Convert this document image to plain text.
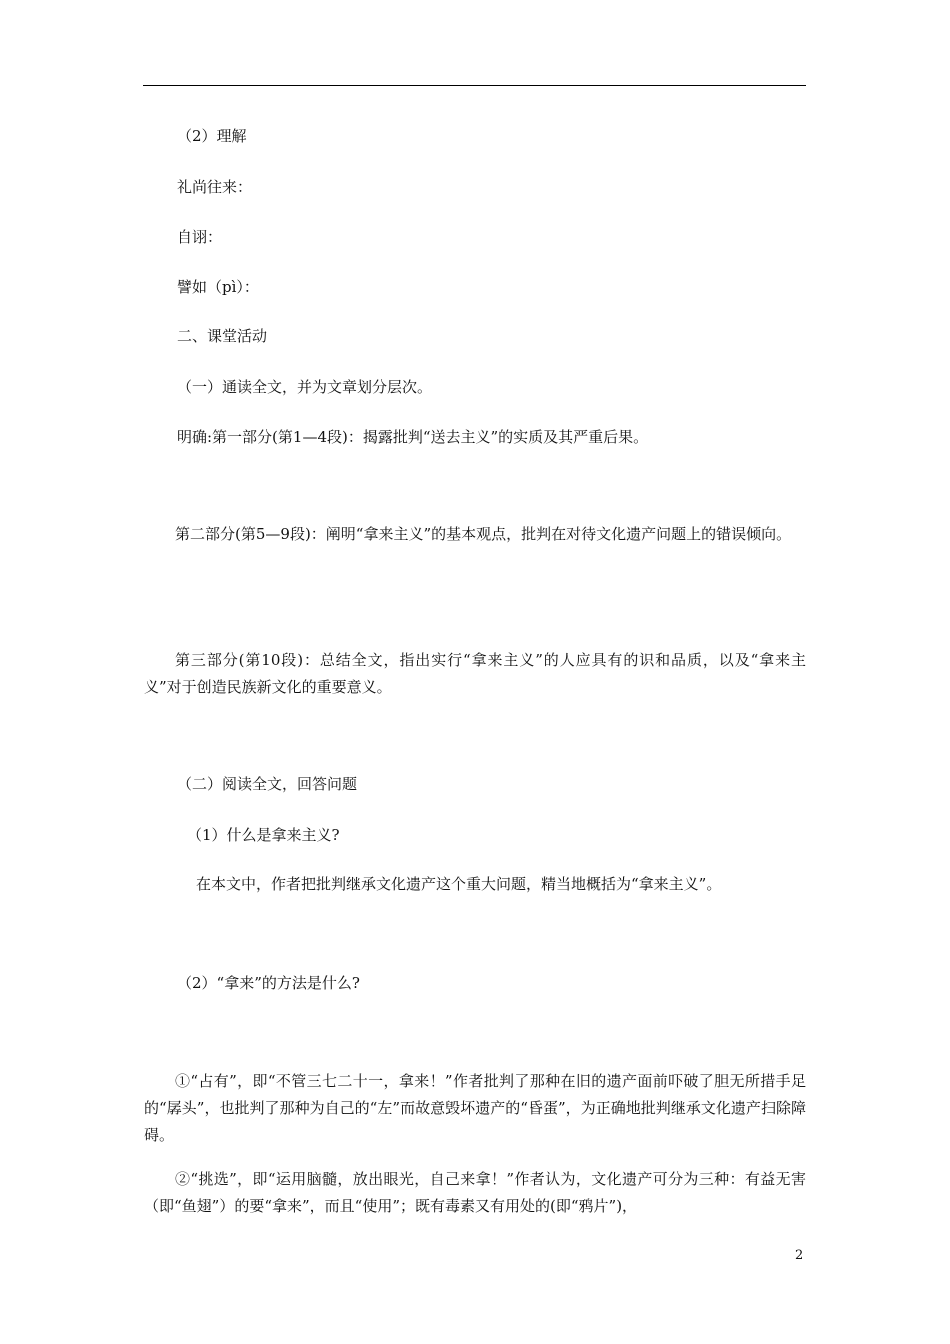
（2）理解
礼尚往来：
自诩：
譬如（pì）：
二、课堂活动
（一）通读全文，并为文章划分层次。
明确:第一部分(第1—4段)：揭露批判“送去主义”的实质及其严重后果。
第二部分(第5—9段)：阐明“拿来主义”的基本观点，批判在对待文化遗产问题上的错误倾向。
第三部分(第10段)：总结全文，指出实行“拿来主义”的人应具有的识和品质，以及“拿来主义”对于创造民族新文化的重要意义。
（二）阅读全文，回答问题
（1）什么是拿来主义?
在本文中，作者把批判继承文化遗产这个重大问题，精当地概括为“拿来主义”。
（2）“拿来”的方法是什么?
①“占有”，即“不管三七二十一，拿来！”作者批判了那种在旧的遗产面前吓破了胆无所措手足的“孱头”，也批判了那种为自己的“左”而故意毁坏遗产的“昏蛋”，为正确地批判继承文化遗产扫除障碍。
②“挑选”，即“运用脑髓，放出眼光，自己来拿！”作者认为，文化遗产可分为三种：有益无害（即“鱼翅”）的要“拿来”，而且“使用”；既有毒素又有用处的(即“鸦片”)，
2
